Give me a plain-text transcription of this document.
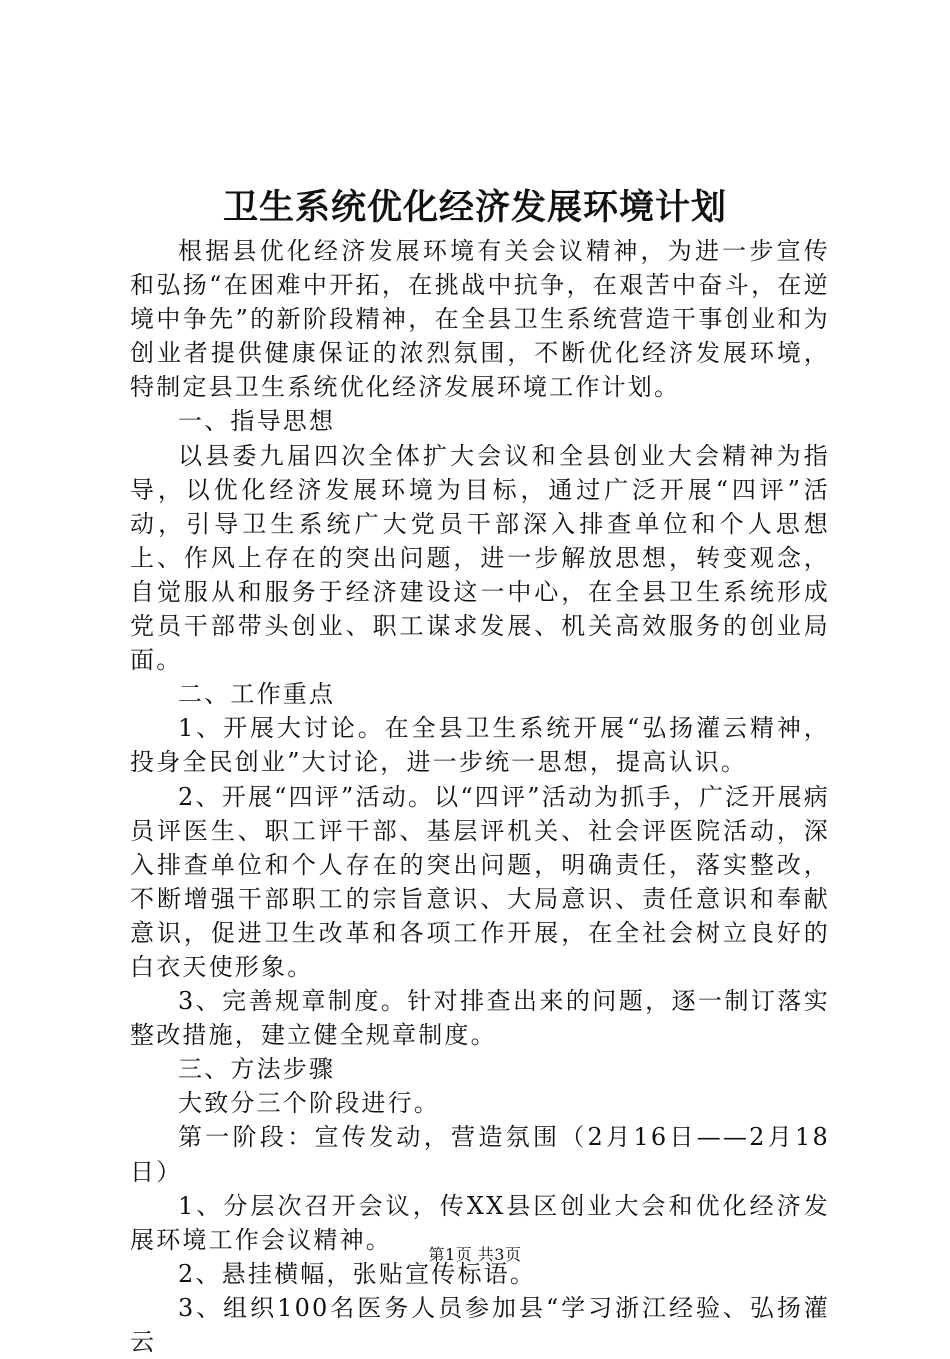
卫生系统优化经济发展环境计划

根据县优化经济发展环境有关会议精神，为进一步宣传和弘扬“在困难中开拓，在挑战中抗争，在艰苦中奋斗，在逆境中争先”的新阶段精神，在全县卫生系统营造干事创业和为创业者提供健康保证的浓烈氛围，不断优化经济发展环境，特制定县卫生系统优化经济发展环境工作计划。

一、指导思想

以县委九届四次全体扩大会议和全县创业大会精神为指导，以优化经济发展环境为目标，通过广泛开展“四评”活动，引导卫生系统广大党员干部深入排查单位和个人思想上、作风上存在的突出问题，进一步解放思想，转变观念，自觉服从和服务于经济建设这一中心，在全县卫生系统形成党员干部带头创业、职工谋求发展、机关高效服务的创业局面。

二、工作重点

1、开展大讨论。在全县卫生系统开展“弘扬灌云精神，投身全民创业”大讨论，进一步统一思想，提高认识。

2、开展“四评”活动。以“四评”活动为抓手，广泛开展病员评医生、职工评干部、基层评机关、社会评医院活动，深入排查单位和个人存在的突出问题，明确责任，落实整改，不断增强干部职工的宗旨意识、大局意识、责任意识和奉献意识，促进卫生改革和各项工作开展，在全社会树立良好的白衣天使形象。

3、完善规章制度。针对排查出来的问题，逐一制订落实整改措施，建立健全规章制度。

三、方法步骤

大致分三个阶段进行。

第一阶段：宣传发动，营造氛围（2月16日——2月18日）

1、分层次召开会议，传XX县区创业大会和优化经济发展环境工作会议精神。

2、悬挂横幅，张贴宣传标语。

3、组织100名医务人员参加县“学习浙江经验、弘扬灌云

第1页 共3页
